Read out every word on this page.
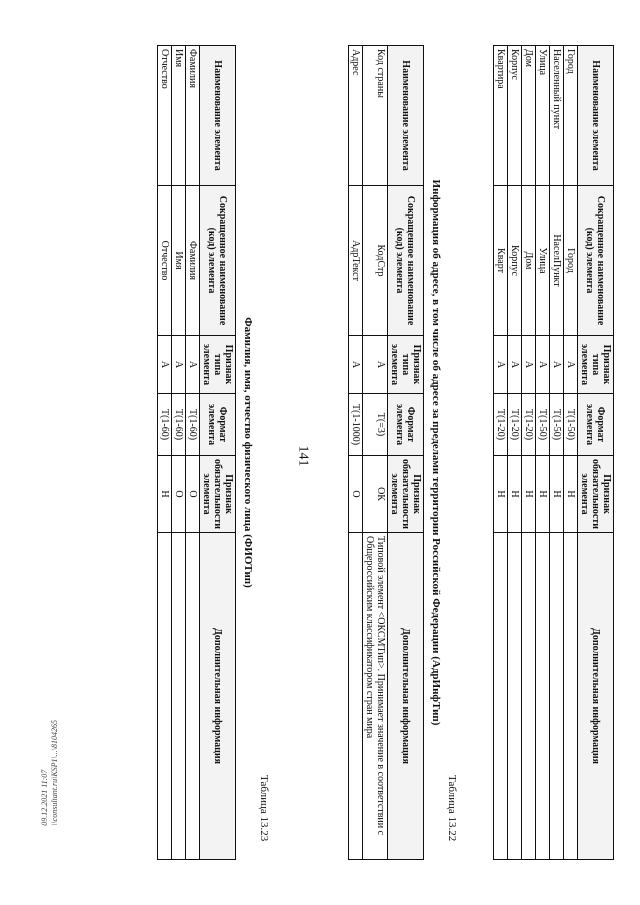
141
Наименование элемента	Сокращенное наименование (код) элемента	Признак типа элемента	Формат элемента	Признак обязательности элемента	Дополнительная информация
Город	Город	А	T(1-50)	Н	
Населенный пункт	НаселПункт	А	T(1-50)	Н	
Улица	Улица	А	T(1-50)	Н	
Дом	Дом	А	T(1-20)	Н	
Корпус	Корпус	А	T(1-20)	Н	
Квартира	Кварт	А	T(1-20)	Н	
Таблица 13.22
Информация об адресе, в том числе об адресе за пределами территории Российской Федерации (АдрИнфТип)
Наименование элемента	Сокращенное наименование (код) элемента	Признак типа элемента	Формат элемента	Признак обязательности элемента	Дополнительная информация
Код страны	КодСтр	А	T(=3)	ОК	Типовой элемент <ОКСМТип>. Принимает значение в соответствии с Общероссийским классификатором стран мира
Адрес	АдрТекст	А	T(1-1000)	О	
Таблица 13.23
Фамилия, имя, отчество физического лица (ФИОТип)
Наименование элемента	Сокращенное наименование (код) элемента	Признак типа элемента	Формат элемента	Признак обязательности элемента	Дополнительная информация
Фамилия	Фамилия	А	T(1-60)	О	
Имя	Имя	А	T(1-60)	О	
Отчество	Отчество	А	T(1-60)	Н	
09.12.2021 11:07 \\consultant.ru\KSP1\...\8104265
